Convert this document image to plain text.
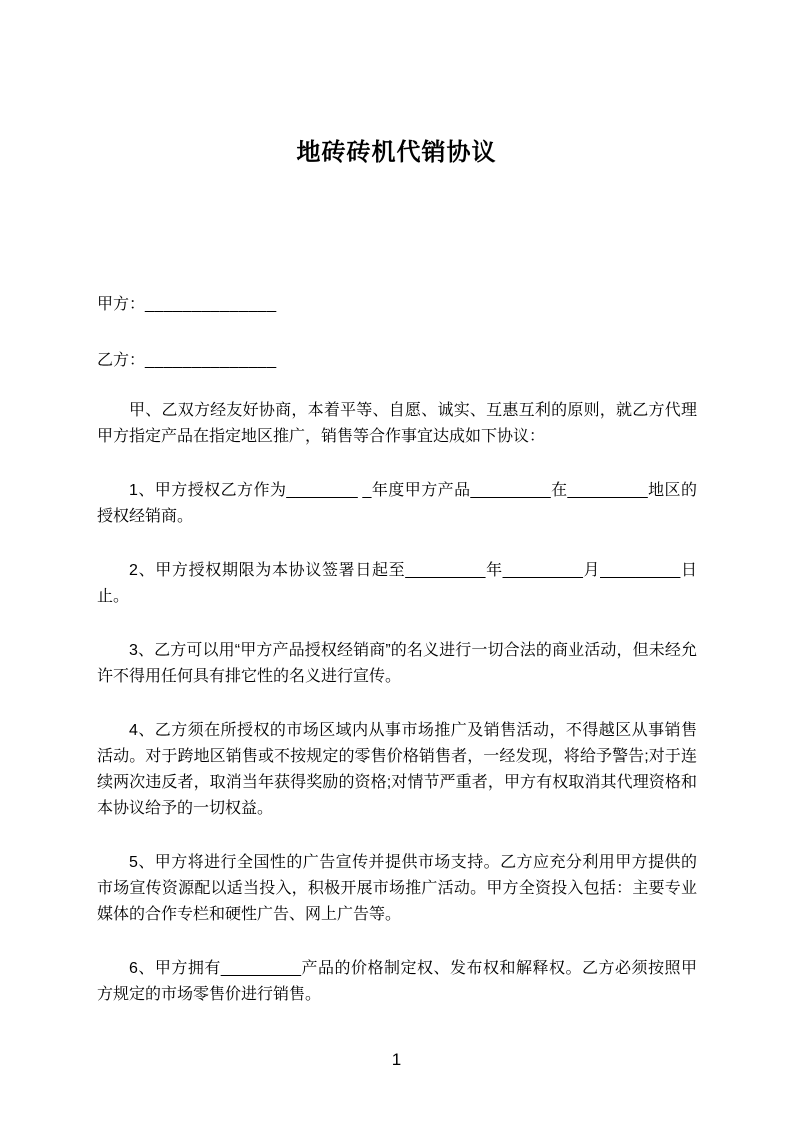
地砖砖机代销协议

甲方：______________

乙方：______________

甲、乙双方经友好协商，本着平等、自愿、诚实、互惠互利的原则，就乙方代理甲方指定产品在指定地区推广，销售等合作事宜达成如下协议：

1、甲方授权乙方作为________ _年度甲方产品_________在_________地区的授权经销商。

2、甲方授权期限为本协议签署日起至_________年_________月_________日止。

3、乙方可以用“甲方产品授权经销商”的名义进行一切合法的商业活动，但未经允许不得用任何具有排它性的名义进行宣传。

4、乙方须在所授权的市场区域内从事市场推广及销售活动，不得越区从事销售活动。对于跨地区销售或不按规定的零售价格销售者，一经发现，将给予警告;对于连续两次违反者，取消当年获得奖励的资格;对情节严重者，甲方有权取消其代理资格和本协议给予的一切权益。

5、甲方将进行全国性的广告宣传并提供市场支持。乙方应充分利用甲方提供的市场宣传资源配以适当投入，积极开展市场推广活动。甲方全资投入包括：主要专业媒体的合作专栏和硬性广告、网上广告等。

6、甲方拥有_________产品的价格制定权、发布权和解释权。乙方必须按照甲方规定的市场零售价进行销售。

1
